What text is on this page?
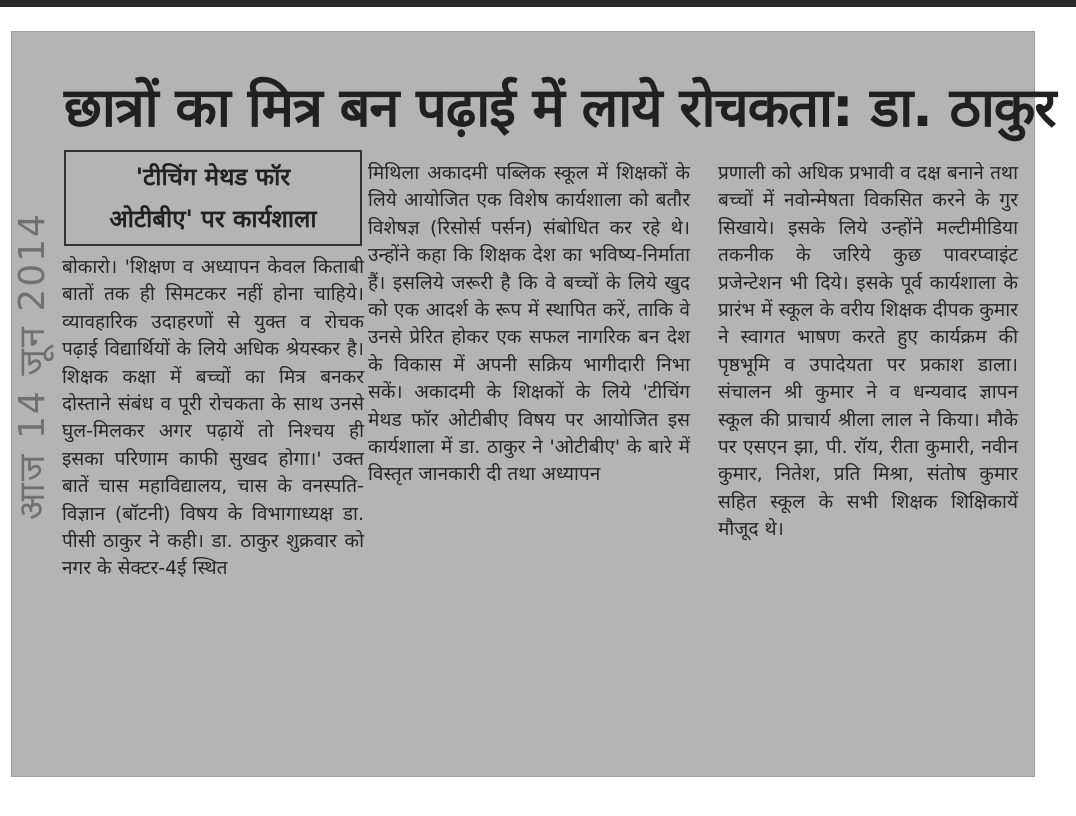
आज 14 जून 2014
छात्रों का मित्र बन पढ़ाई में लाये रोचकता: डा. ठाकुर
'टीचिंग मेथड फॉर
ओटीबीए' पर कार्यशाला
बोकारो। 'शिक्षण व अध्यापन केवल किताबी बातों तक ही सिमटकर नहीं होना चाहिये। व्यावहारिक उदाहरणों से युक्त व रोचक पढ़ाई विद्यार्थियों के लिये अधिक श्रेयस्कर है। शिक्षक कक्षा में बच्चों का मित्र बनकर दोस्ताने संबंध व पूरी रोचकता के साथ उनसे घुल-मिलकर अगर पढ़ायें तो निश्चय ही इसका परिणाम काफी सुखद होगा।' उक्त बातें चास महाविद्यालय, चास के वनस्पति-विज्ञान (बॉटनी) विषय के विभागाध्यक्ष डा. पीसी ठाकुर ने कही। डा. ठाकुर शुक्रवार को नगर के सेक्टर-4ई स्थित
मिथिला अकादमी पब्लिक स्कूल में शिक्षकों के लिये आयोजित एक विशेष कार्यशाला को बतौर विशेषज्ञ (रिसोर्स पर्सन) संबोधित कर रहे थे। उन्होंने कहा कि शिक्षक देश का भविष्य-निर्माता हैं। इसलिये जरूरी है कि वे बच्चों के लिये खुद को एक आदर्श के रूप में स्थापित करें, ताकि वे उनसे प्रेरित होकर एक सफल नागरिक बन देश के विकास में अपनी सक्रिय भागीदारी निभा सकें। अकादमी के शिक्षकों के लिये 'टीचिंग मेथड फॉर ओटीबीए विषय पर आयोजित इस कार्यशाला में डा. ठाकुर ने 'ओटीबीए' के बारे में विस्तृत जानकारी दी तथा अध्यापन
प्रणाली को अधिक प्रभावी व दक्ष बनाने तथा बच्चों में नवोन्मेषता विकसित करने के गुर सिखाये। इसके लिये उन्होंने मल्टीमीडिया तकनीक के जरिये कुछ पावरप्वाइंट प्रजेन्टेशन भी दिये। इसके पूर्व कार्यशाला के प्रारंभ में स्कूल के वरीय शिक्षक दीपक कुमार ने स्वागत भाषण करते हुए कार्यक्रम की पृष्ठभूमि व उपादेयता पर प्रकाश डाला। संचालन श्री कुमार ने व धन्यवाद ज्ञापन स्कूल की प्राचार्य श्रीला लाल ने किया। मौके पर एसएन झा, पी. रॉय, रीता कुमारी, नवीन कुमार, नितेश, प्रति मिश्रा, संतोष कुमार सहित स्कूल के सभी शिक्षक शिक्षिकायें मौजूद थे।
